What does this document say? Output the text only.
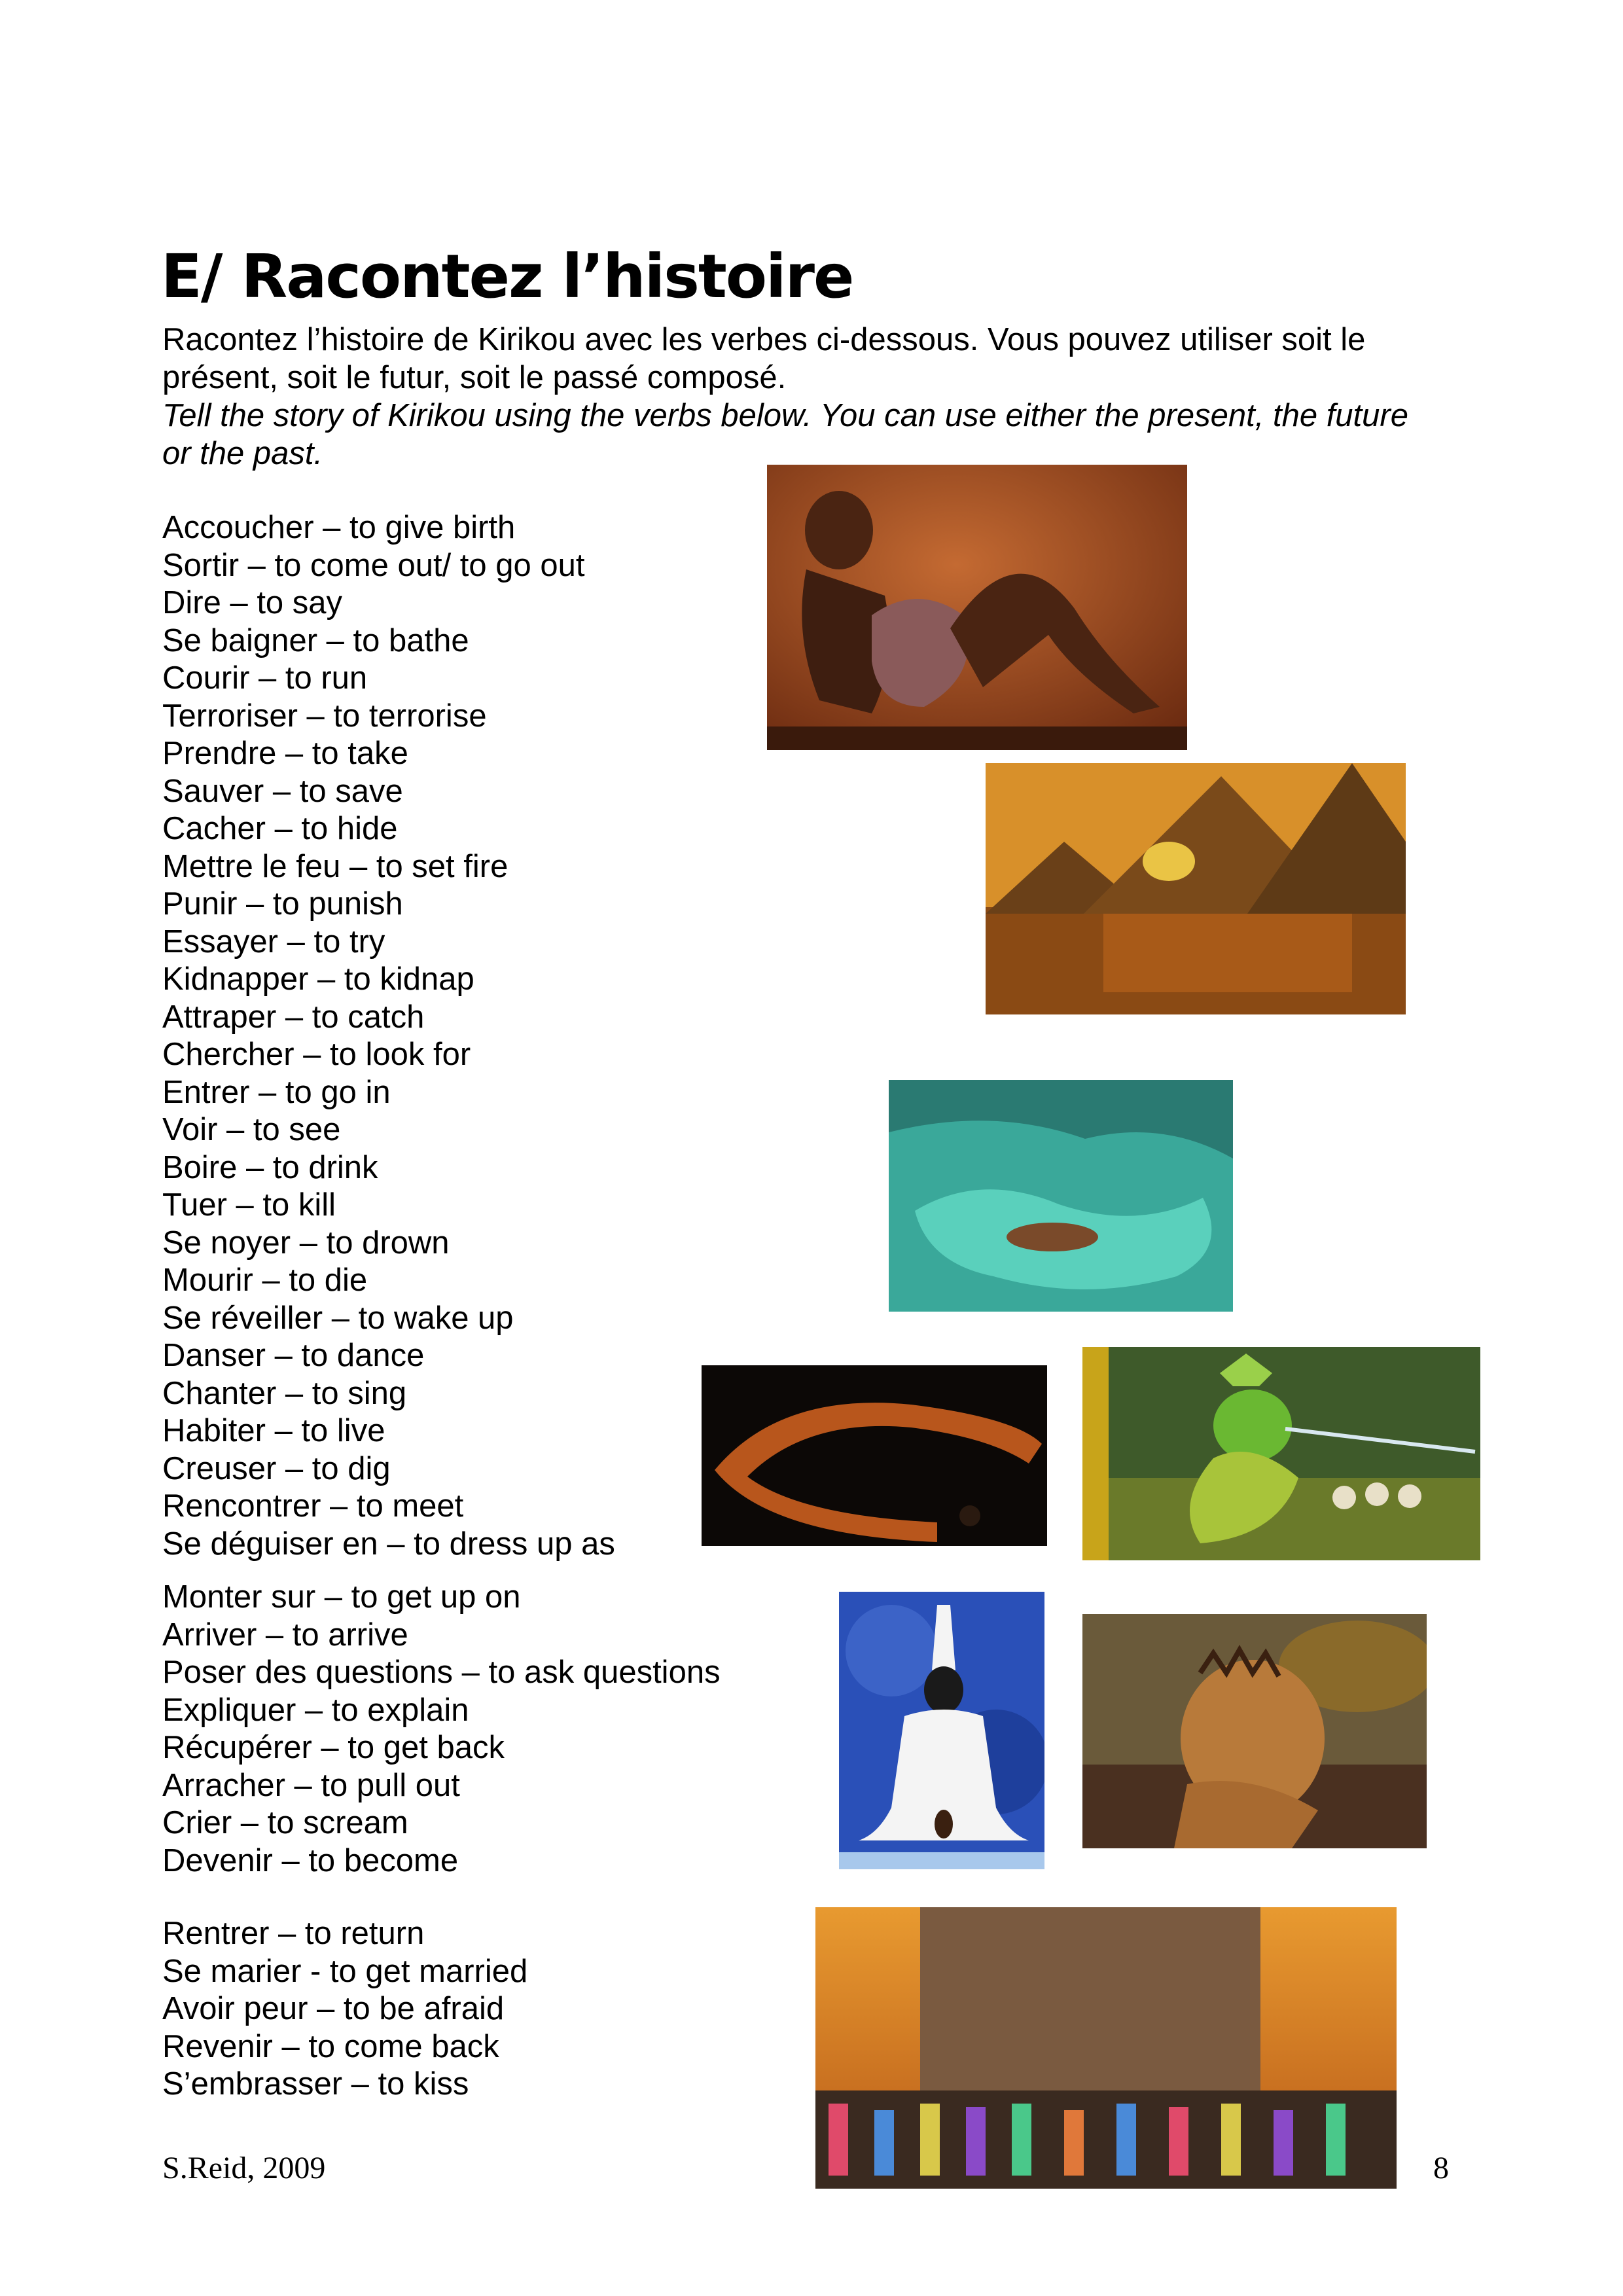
E/ Racontez l’histoire

Racontez l’histoire de Kirikou avec les verbes ci-dessous. Vous pouvez utiliser soit le

présent, soit le futur, soit le passé composé.

Tell the story of Kirikou using the verbs below. You can use either the present, the future

or the past.

Accoucher – to give birth
Sortir – to come out/ to go out
Dire – to say
Se baigner – to bathe
Courir – to run
Terroriser – to terrorise
Prendre – to take
Sauver – to save
Cacher – to hide
Mettre le feu – to set fire
Punir – to punish
Essayer – to try
Kidnapper – to kidnap
Attraper – to catch
Chercher – to look for
Entrer – to go in
Voir – to see
Boire – to drink
Tuer – to kill
Se noyer – to drown
Mourir – to die
Se réveiller – to wake up
Danser – to dance
Chanter – to sing
Habiter – to live
Creuser – to dig
Rencontrer – to meet
Se déguiser en – to dress up as
Monter sur – to get up on
Arriver – to arrive
Poser des questions – to ask questions
Expliquer – to explain
Récupérer – to get back
Arracher – to pull out
Crier – to scream
Devenir – to become
Rentrer – to return
Se marier - to get married
Avoir peur – to be afraid
Revenir – to come back
S’embrasser – to kiss
S.Reid, 2009	8
